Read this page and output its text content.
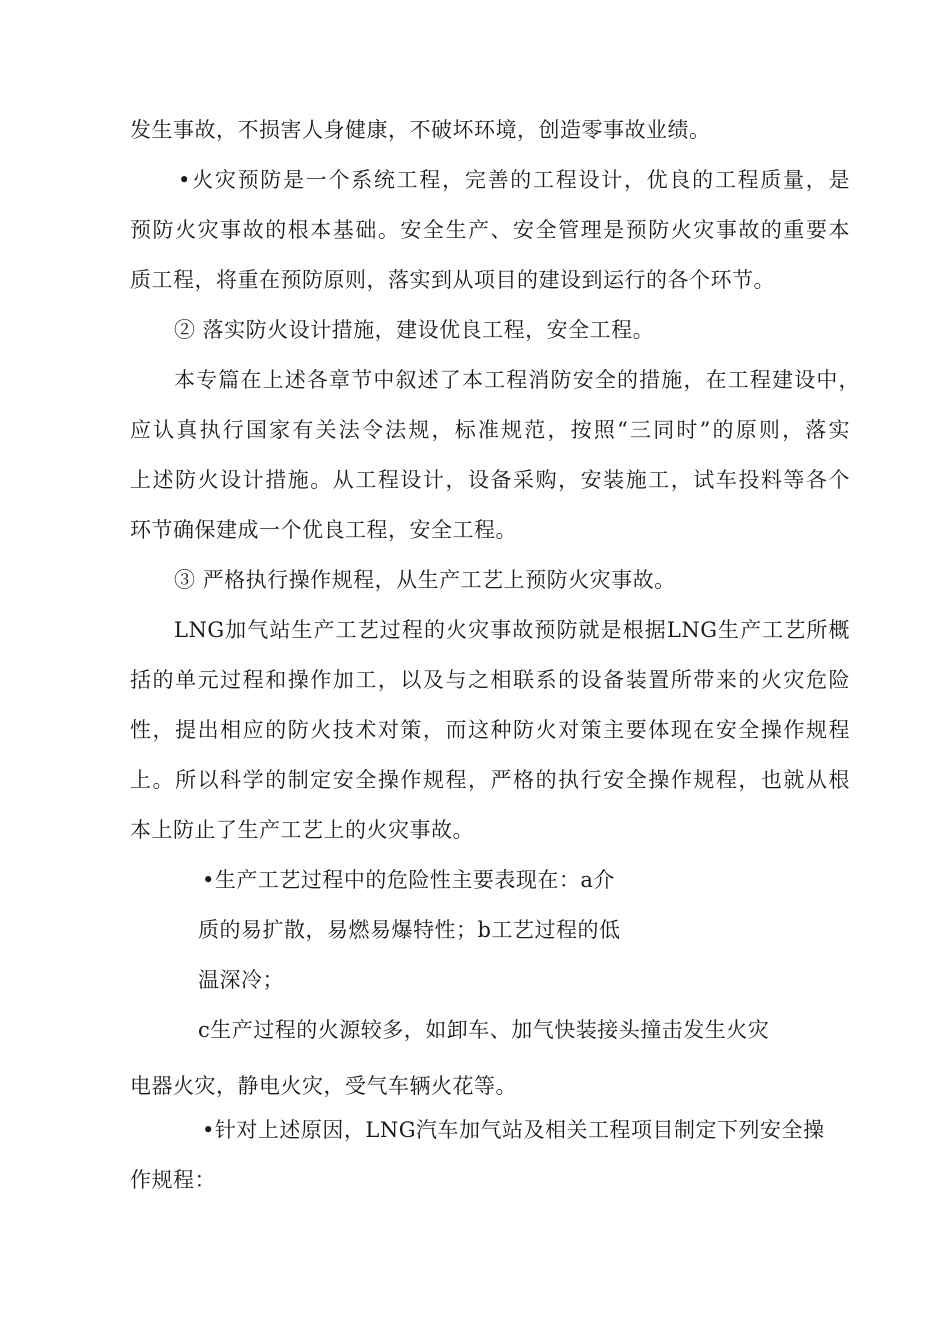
发生事故，不损害人身健康，不破坏环境，创造零事故业绩。
•火灾预防是一个系统工程，完善的工程设计，优良的工程质量，是
预防火灾事故的根本基础。安全生产、安全管理是预防火灾事故的重要本
质工程，将重在预防原则，落实到从项目的建设到运行的各个环节。
② 落实防火设计措施，建设优良工程，安全工程。
本专篇在上述各章节中叙述了本工程消防安全的措施，在工程建设中，
应认真执行国家有关法令法规，标准规范，按照“三同时”的原则，落实
上述防火设计措施。从工程设计，设备采购，安装施工，试车投料等各个
环节确保建成一个优良工程，安全工程。
③ 严格执行操作规程，从生产工艺上预防火灾事故。
LNG加气站生产工艺过程的火灾事故预防就是根据LNG生产工艺所概
括的单元过程和操作加工，以及与之相联系的设备装置所带来的火灾危险
性，提出相应的防火技术对策，而这种防火对策主要体现在安全操作规程
上。所以科学的制定安全操作规程，严格的执行安全操作规程，也就从根
本上防止了生产工艺上的火灾事故。
•生产工艺过程中的危险性主要表现在：a介
质的易扩散，易燃易爆特性；b工艺过程的低
温深冷；
c生产过程的火源较多，如卸车、加气快装接头撞击发生火灾
电器火灾，静电火灾，受气车辆火花等。
•针对上述原因，LNG汽车加气站及相关工程项目制定下列安全操
作规程：
